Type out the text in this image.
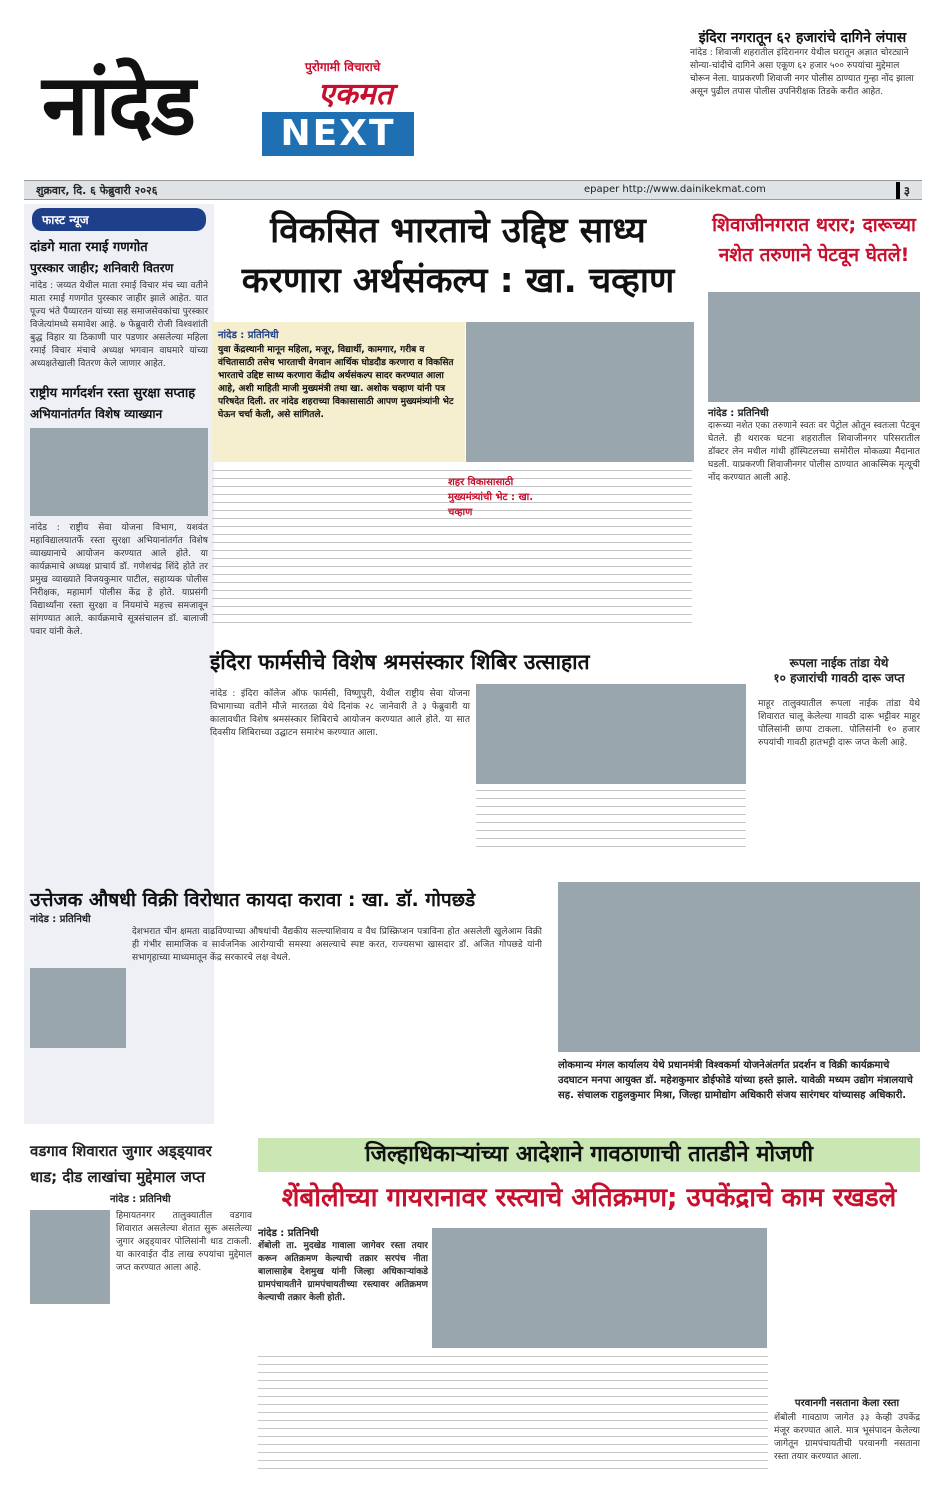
नांदेड	पुरोगामी विचाराचे
एकमत
NEXT
इंदिरा नगरातून ६२ हजारांचे दागिने लंपास
नांदेड : शिवाजी शहरातील इंदिरानगर येथील घरातून अज्ञात चोरट्याने सोन्या-चांदीचे दागिने असा एकूण ६२ हजार ५०० रुपयांचा मुद्देमाल चोरून नेला. याप्रकरणी शिवाजी नगर पोलीस ठाण्यात गुन्हा नोंद झाला असून पुढील तपास पोलीस उपनिरीक्षक तिडके करीत आहेत.
शुक्रवार, दि. ६ फेब्रुवारी २०२६	epaper http://www.dainikekmat.com	३
फास्ट न्यूज
दांडगे माता रमाई गणगोत
पुरस्कार जाहीर; शनिवारी वितरण
नांदेड : जय्यत येथील माता रमाई विचार मंच च्या वतीने माता रमाई गणगोत पुरस्कार जाहीर झाले आहेत. यात पूज्य भंते पैय्यारतन यांच्या सह समाजसेवकांचा पुरस्कार विजेत्यांमध्ये समावेश आहे. ७ फेब्रुवारी रोजी विश्वशांती बुद्ध विहार या ठिकाणी पार पडणार असलेल्या महिला रमाई विचार मंचाचे अध्यक्ष भगवान वाघमारे यांच्या अध्यक्षतेखाली वितरण केले जाणार आहेत.
राष्ट्रीय मार्गदर्शन रस्ता सुरक्षा सप्ताह
अभियानांतर्गत विशेष व्याख्यान
नांदेड : राष्ट्रीय सेवा योजना विभाग, यशवंत महाविद्यालयातर्फे रस्ता सुरक्षा अभियानांतर्गत विशेष व्याख्यानाचे आयोजन करण्यात आले होते. या कार्यक्रमाचे अध्यक्ष प्राचार्य डॉ. गणेशचंद्र शिंदे होते तर प्रमुख व्याख्याते विजयकुमार पाटील, सहाय्यक पोलीस निरीक्षक, महामार्ग पोलीस केंद्र हे होते. याप्रसंगी विद्यार्थ्यांना रस्ता सुरक्षा व नियमांचे महत्त्व समजावून सांगण्यात आले. कार्यक्रमाचे सूत्रसंचालन डॉ. बालाजी पवार यांनी केले.
विकसित भारताचे उद्दिष्ट साध्य
करणारा अर्थसंकल्प : खा. चव्हाण
नांदेड : प्रतिनिधी
युवा केंद्रस्थानी मानून महिला, मजूर, विद्यार्थी, कामगार, गरीब व वंचितासाठी तसेच भारताची वेगवान आर्थिक घोडदौड करणारा व विकसित भारताचे उद्दिष्ट साध्य करणारा केंद्रीय अर्थसंकल्प सादर करण्यात आला आहे, अशी माहिती माजी मुख्यमंत्री तथा खा. अशोक चव्हाण यांनी पत्र परिषदेत दिली. तर नांदेड शहराच्या विकासासाठी आपण मुख्यमंत्र्यांनी भेट घेऊन चर्चा केली, असे सांगितले.
शहर विकासासाठी मुख्यमंत्र्यांची भेट : खा. चव्हाण
शिवाजीनगरात थरार; दारूच्या नशेत तरुणाने पेटवून घेतले!
नांदेड : प्रतिनिधी
दारूच्या नशेत एका तरुणाने स्वतः वर पेट्रोल ओतून स्वतःला पेटवून घेतले. ही थरारक घटना शहरातील शिवाजीनगर परिसरातील डॉक्टर लेन मधील गांधी हॉस्पिटलच्या समोरील मोकळ्या मैदानात घडली. याप्रकरणी शिवाजीनगर पोलीस ठाण्यात आकस्मिक मृत्यूची नोंद करण्यात आली आहे.
इंदिरा फार्मसीचे विशेष श्रमसंस्कार शिबिर उत्साहात
नांदेड : इंदिरा कॉलेज ऑफ फार्मसी, विष्णुपुरी, येथील राष्ट्रीय सेवा योजना विभागाच्या वतीने मौजे मारतळा येथे दिनांक २८ जानेवारी ते ३ फेब्रुवारी या कालावधीत विशेष श्रमसंस्कार शिबिराचे आयोजन करण्यात आले होते. या सात दिवसीय शिबिराच्या उद्घाटन समारंभ करण्यात आला.
रूपला नाईक तांडा येथे
१० हजारांची गावठी दारू जप्त
माहूर तालुक्यातील रूपला नाईक तांडा येथे शिवारात चालू केलेल्या गावठी दारू भट्टीवर माहूर पोलिसांनी छापा टाकला. पोलिसांनी १० हजार रुपयांची गावठी हातभट्टी दारू जप्त केली आहे.
उत्तेजक औषधी विक्री विरोधात कायदा करावा : खा. डॉ. गोपछडे
नांदेड : प्रतिनिधी
देशभरात चीन क्षमता वाढविण्याच्या औषधांची वैद्यकीय सल्ल्याशिवाय व वैध प्रिस्क्रिप्शन पत्राविना होत असलेली खुलेआम विक्री ही गंभीर सामाजिक व सार्वजनिक आरोग्याची समस्या असल्याचे स्पष्ट करत, राज्यसभा खासदार डॉ. अजित गोपछडे यांनी सभागृहाच्या माध्यमातून केंद्र सरकारचे लक्ष वेधले.
लोकमान्य मंगल कार्यालय येथे प्रधानमंत्री विश्वकर्मा योजनेअंतर्गत प्रदर्शन व विक्री कार्यक्रमाचे उदघाटन मनपा आयुक्त डॉ. महेशकुमार डोईफोडे यांच्या हस्ते झाले. यावेळी मध्यम उद्योग मंत्रालयाचे सह. संचालक राहुलकुमार मिश्रा, जिल्हा ग्रामोद्योग अधिकारी संजय सारंगधर यांच्यासह अधिकारी.
वडगाव शिवारात जुगार अड्ड्यावर
धाड; दीड लाखांचा मुद्देमाल जप्त
नांदेड : प्रतिनिधी
हिमायतनगर तालुक्यातील वडगाव शिवारात असलेल्या शेतात सुरू असलेल्या जुगार अड्ड्यावर पोलिसांनी धाड टाकली. या कारवाईत दीड लाख रुपयांचा मुद्देमाल जप्त करण्यात आला आहे.
जिल्हाधिकाऱ्यांच्या आदेशाने गावठाणाची तातडीने मोजणी
शेंबोलीच्या गायरानावर रस्त्याचे अतिक्रमण; उपकेंद्राचे काम रखडले
नांदेड : प्रतिनिधी
शेंबोली ता. मुदखेड गावाला जागेवर रस्ता तयार करून अतिक्रमण केल्याची तक्रार सरपंच नीता बालासाहेब देशमुख यांनी जिल्हा अधिकाऱ्यांकडे ग्रामपंचायतीने ग्रामपंचायतीच्या रस्त्यावर अतिक्रमण केल्याची तक्रार केली होती.
परवानगी नसताना केला रस्ता
शेंबोली गावठाण जागेत ३३ केव्ही उपकेंद्र मंजूर करण्यात आले. मात्र भूसंपादन केलेल्या जागेतून ग्रामपंचायतीची परवानगी नसताना रस्ता तयार करण्यात आला.
